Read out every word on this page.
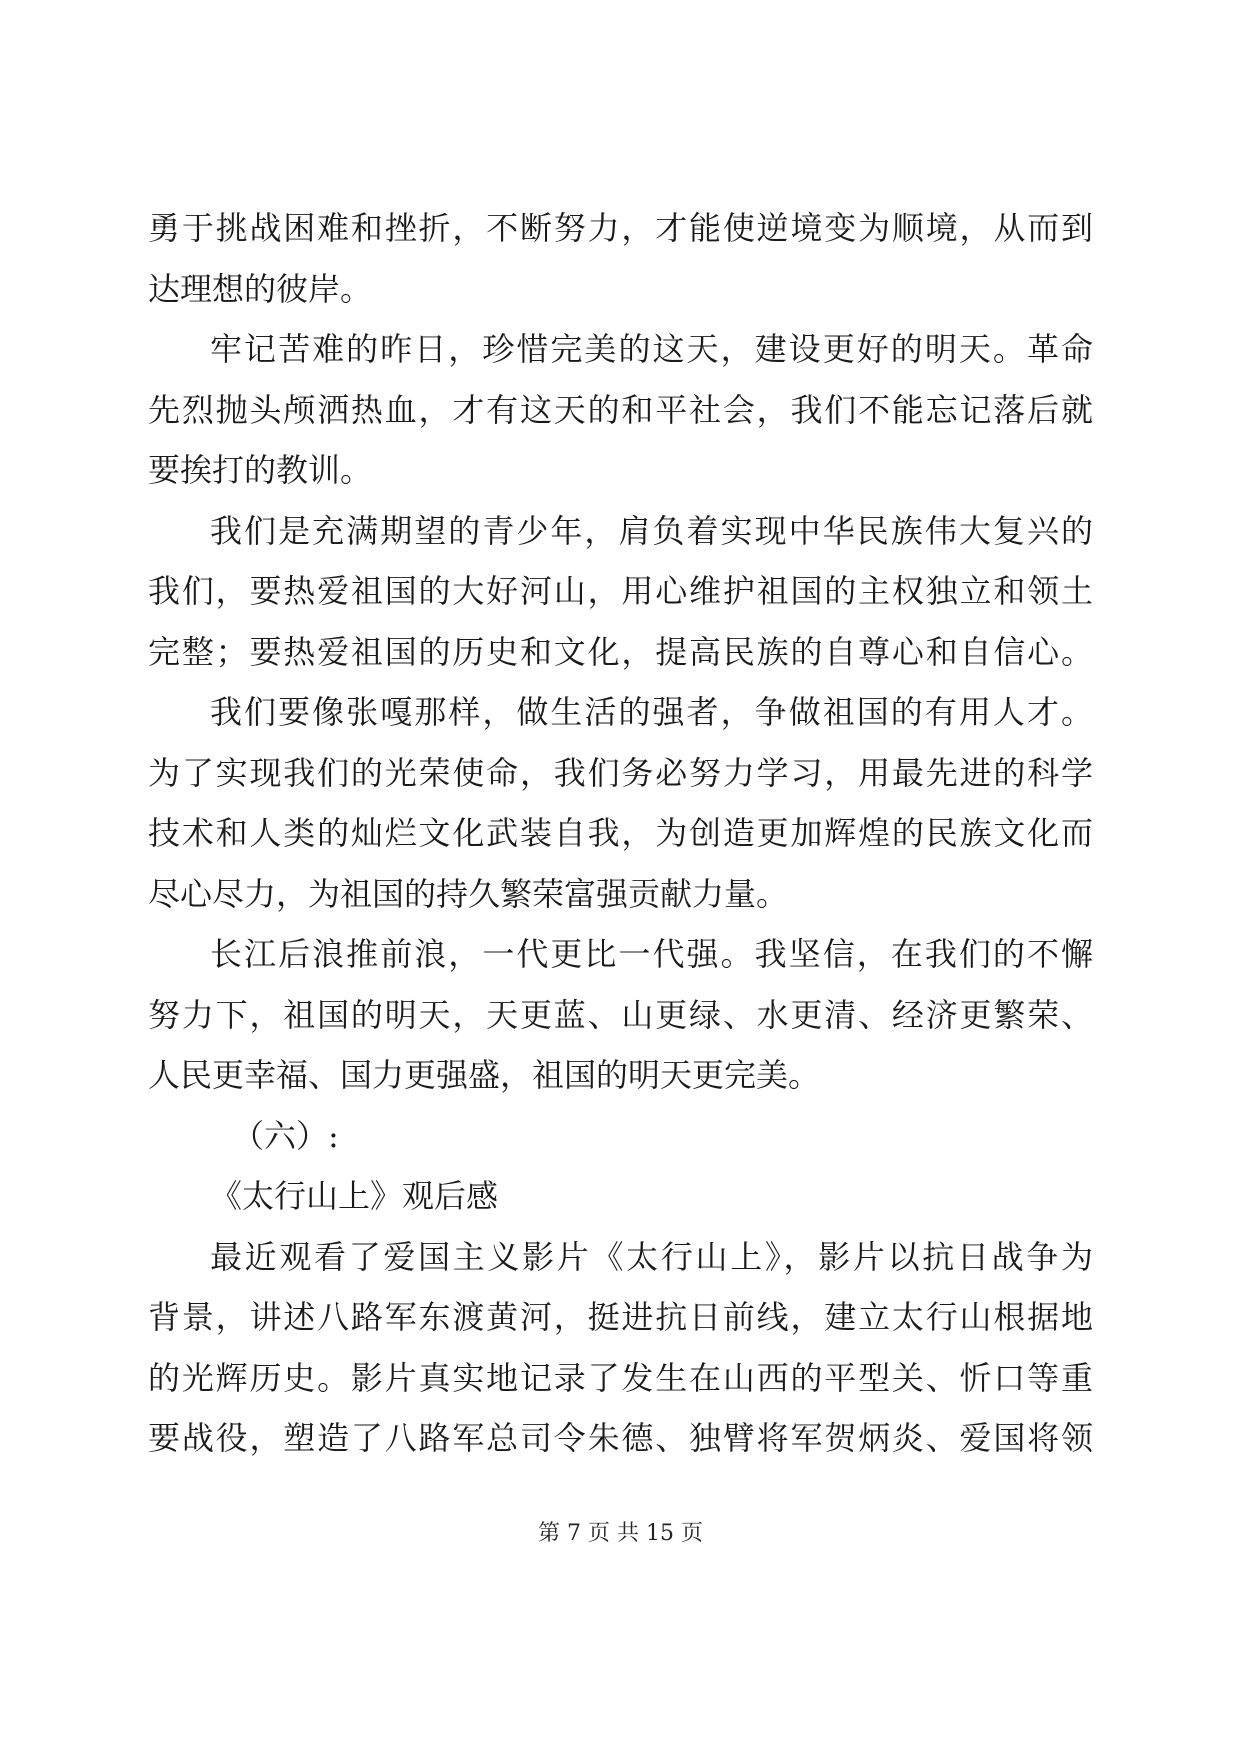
勇于挑战困难和挫折，不断努力，才能使逆境变为顺境，从而到
达理想的彼岸。
牢记苦难的昨日，珍惜完美的这天，建设更好的明天。革命
先烈抛头颅洒热血，才有这天的和平社会，我们不能忘记落后就
要挨打的教训。
我们是充满期望的青少年，肩负着实现中华民族伟大复兴的
我们，要热爱祖国的大好河山，用心维护祖国的主权独立和领土
完整；要热爱祖国的历史和文化，提高民族的自尊心和自信心。
我们要像张嘎那样，做生活的强者，争做祖国的有用人才。
为了实现我们的光荣使命，我们务必努力学习，用最先进的科学
技术和人类的灿烂文化武装自我，为创造更加辉煌的民族文化而
尽心尽力，为祖国的持久繁荣富强贡献力量。
长江后浪推前浪，一代更比一代强。我坚信，在我们的不懈
努力下，祖国的明天，天更蓝、山更绿、水更清、经济更繁荣、
人民更幸福、国力更强盛，祖国的明天更完美。
（六）:
《太行山上》观后感
最近观看了爱国主义影片《太行山上》，影片以抗日战争为
背景，讲述八路军东渡黄河，挺进抗日前线，建立太行山根据地
的光辉历史。影片真实地记录了发生在山西的平型关、忻口等重
要战役，塑造了八路军总司令朱德、独臂将军贺炳炎、爱国将领
第 7 页 共 15 页
